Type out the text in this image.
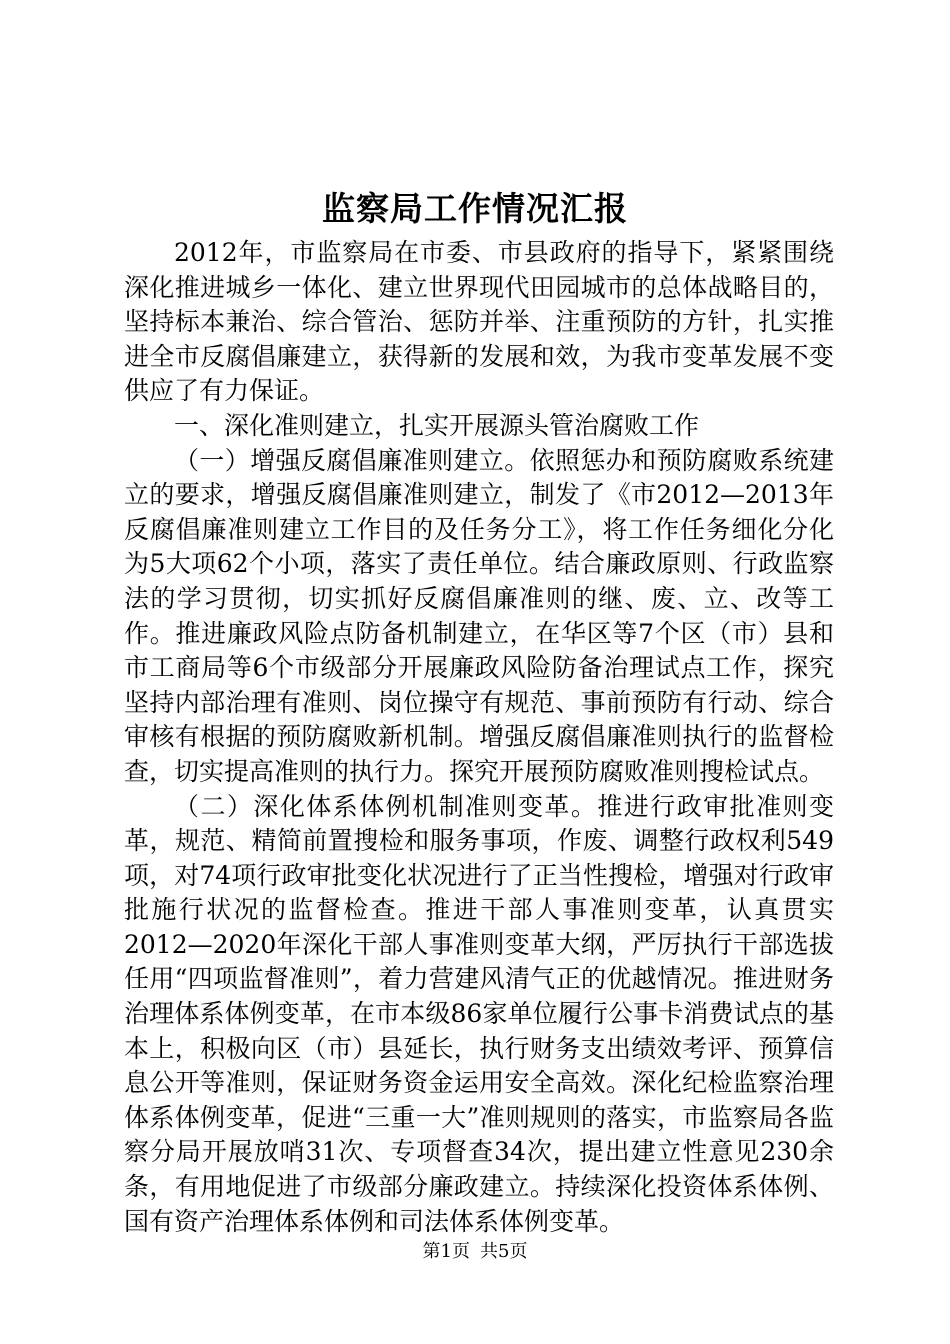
监察局工作情况汇报

2012年，市监察局在市委、市县政府的指导下，紧紧围绕深化推进城乡一体化、建立世界现代田园城市的总体战略目的，坚持标本兼治、综合管治、惩防并举、注重预防的方针，扎实推进全市反腐倡廉建立，获得新的发展和效，为我市变革发展不变供应了有力保证。

一、深化准则建立，扎实开展源头管治腐败工作

（一）增强反腐倡廉准则建立。依照惩办和预防腐败系统建立的要求，增强反腐倡廉准则建立，制发了《市2012—2013年反腐倡廉准则建立工作目的及任务分工》，将工作任务细化分化为5大项62个小项，落实了责任单位。结合廉政原则、行政监察法的学习贯彻，切实抓好反腐倡廉准则的继、废、立、改等工作。推进廉政风险点防备机制建立，在华区等7个区（市）县和市工商局等6个市级部分开展廉政风险防备治理试点工作，探究坚持内部治理有准则、岗位操守有规范、事前预防有行动、综合审核有根据的预防腐败新机制。增强反腐倡廉准则执行的监督检查，切实提高准则的执行力。探究开展预防腐败准则搜检试点。

（二）深化体系体例机制准则变革。推进行政审批准则变革，规范、精简前置搜检和服务事项，作废、调整行政权利549项，对74项行政审批变化状况进行了正当性搜检，增强对行政审批施行状况的监督检查。推进干部人事准则变革，认真贯实2012—2020年深化干部人事准则变革大纲，严厉执行干部选拔任用“四项监督准则”，着力营建风清气正的优越情况。推进财务治理体系体例变革，在市本级86家单位履行公事卡消费试点的基本上，积极向区（市）县延长，执行财务支出绩效考评、预算信息公开等准则，保证财务资金运用安全高效。深化纪检监察治理体系体例变革，促进“三重一大”准则规则的落实，市监察局各监察分局开展放哨31次、专项督查34次，提出建立性意见230余条，有用地促进了市级部分廉政建立。持续深化投资体系体例、国有资产治理体系体例和司法体系体例变革。

第1页 共5页
